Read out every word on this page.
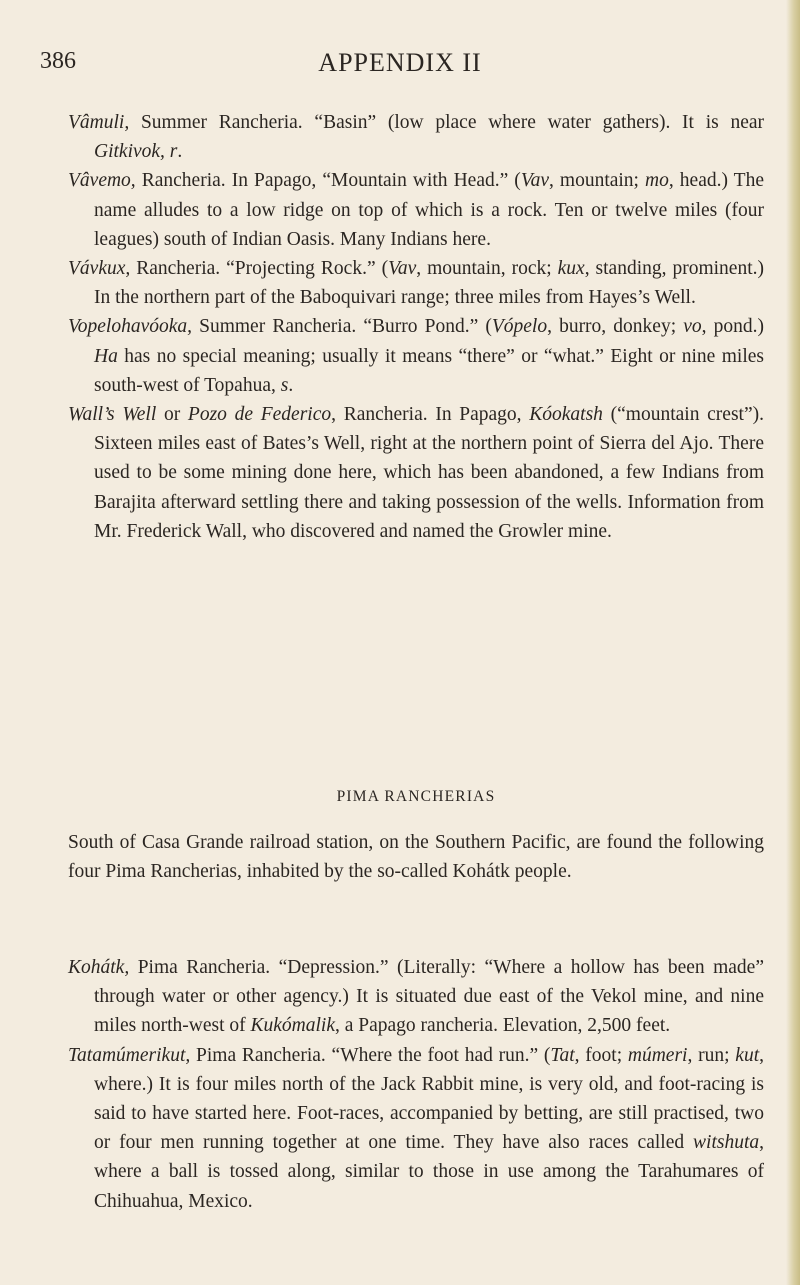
386	APPENDIX II

Vâmuli, Summer Rancheria. “Basin” (low place where water gathers). It is near Gitkivok, r.

Vâvemo, Rancheria. In Papago, “Mountain with Head.” (Vav, mountain; mo, head.) The name alludes to a low ridge on top of which is a rock. Ten or twelve miles (four leagues) south of Indian Oasis. Many Indians here.

Vávkux, Rancheria. “Projecting Rock.” (Vav, mountain, rock; kux, standing, prominent.) In the northern part of the Baboquivari range; three miles from Hayes’s Well.

Vopelohavóoka, Summer Rancheria. “Burro Pond.” (Vópelo, burro, donkey; vo, pond.) Ha has no special meaning; usually it means “there” or “what.” Eight or nine miles south-west of Topahua, s.

Wall’s Well or Pozo de Federico, Rancheria. In Papago, Kóokatsh (“mountain crest”). Sixteen miles east of Bates’s Well, right at the northern point of Sierra del Ajo. There used to be some mining done here, which has been abandoned, a few Indians from Barajita afterward settling there and taking possession of the wells. Information from Mr. Frederick Wall, who discovered and named the Growler mine.

PIMA RANCHERIAS

South of Casa Grande railroad station, on the Southern Pacific, are found the following four Pima Rancherias, inhabited by the so-called Kohátk people.

Kohátk, Pima Rancheria. “Depression.” (Literally: “Where a hollow has been made” through water or other agency.) It is situated due east of the Vekol mine, and nine miles north-west of Kukómalik, a Papago rancheria. Elevation, 2,500 feet.

Tatamúmerikut, Pima Rancheria. “Where the foot had run.” (Tat, foot; múmeri, run; kut, where.) It is four miles north of the Jack Rabbit mine, is very old, and foot-racing is said to have started here. Foot-races, accompanied by betting, are still practised, two or four men running together at one time. They have also races called witshuta, where a ball is tossed along, similar to those in use among the Tarahumares of Chihuahua, Mexico.
